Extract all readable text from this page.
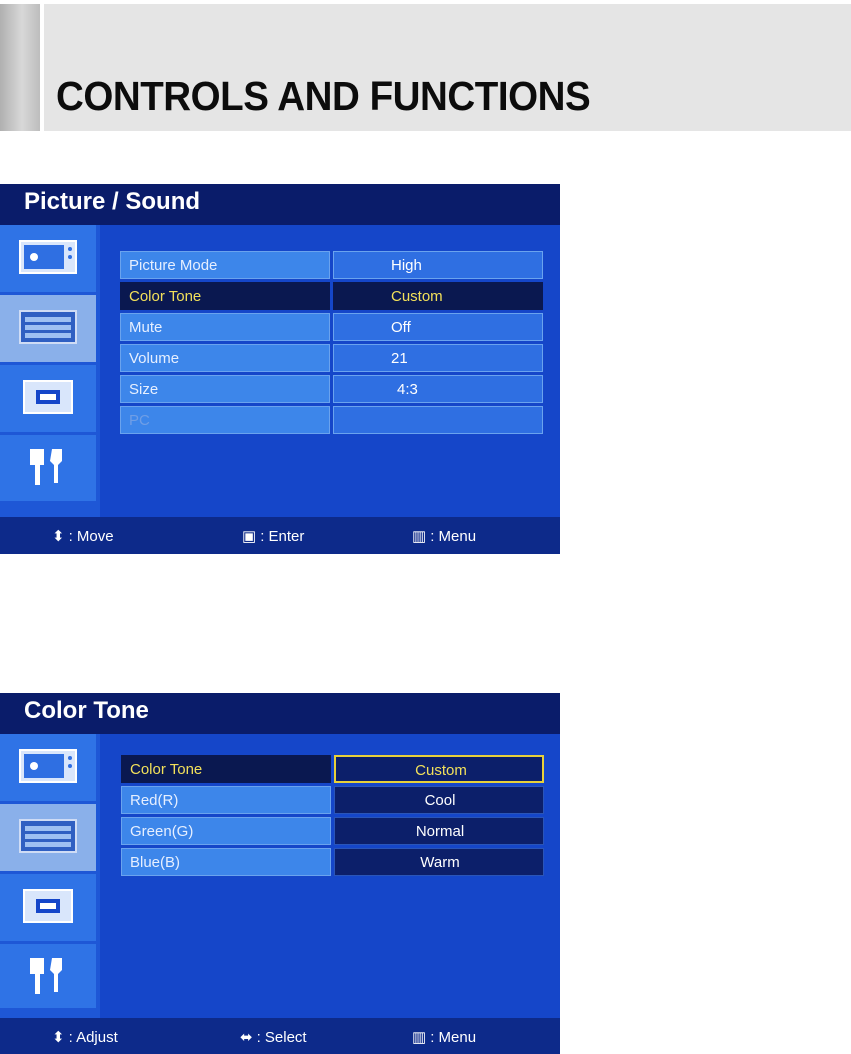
CONTROLS AND FUNCTIONS
Picture / Sound
Picture Mode	High
Color Tone	Custom
Mute	Off
Volume	21
Size	4:3
PC
⬍ : Move	▣ : Enter	▥ : Menu
Color Tone
Color Tone	Custom
Red(R)	Cool
Green(G)	Normal
Blue(B)	Warm
⬍ : Adjust	⬌ : Select	▥ : Menu
